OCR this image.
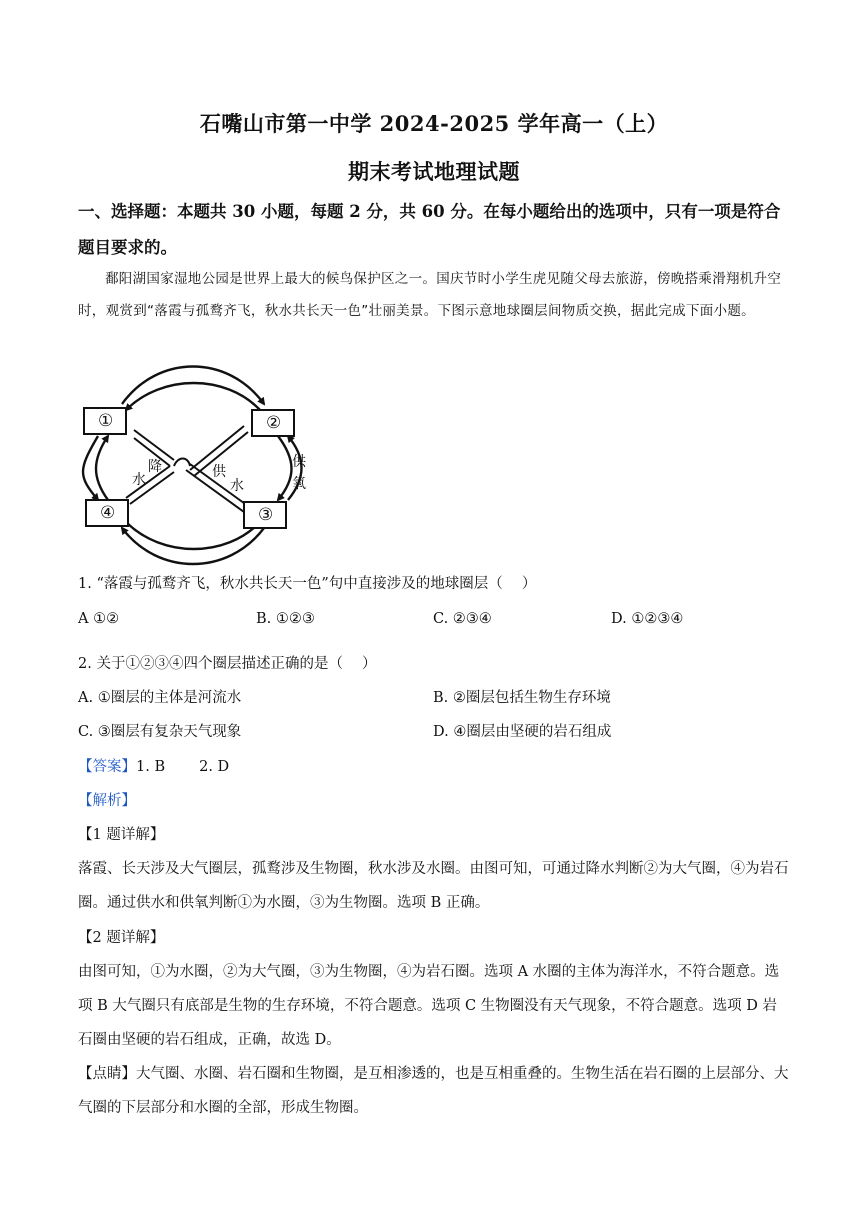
石嘴山市第一中学 2024-2025 学年高一（上）
期末考试地理试题
一、选择题：本题共 30 小题，每题 2 分，共 60 分。在每小题给出的选项中，只有一项是符合题目要求的。
鄱阳湖国家湿地公园是世界上最大的候鸟保护区之一。国庆节时小学生虎见随父母去旅游，傍晚搭乘滑翔机升空时，观赏到“落霞与孤鹜齐飞，秋水共长天一色”壮丽美景。下图示意地球圈层间物质交换，据此完成下面小题。
①	②
③
④
降
水	供
水
供
氧
1. “落霞与孤鹜齐飞，秋水共长天一色”句中直接涉及的地球圈层（　 ）
A ①②	B. ①②③	C. ②③④	D. ①②③④
2. 关于①②③④四个圈层描述正确的是（　 ）
A. ①圈层的主体是河流水	B. ②圈层包括生物生存环境
C. ③圈层有复杂天气现象	D. ④圈层由坚硬的岩石组成
【答案】1. B 2. D
【解析】
【1 题详解】
落霞、长天涉及大气圈层，孤鹜涉及生物圈，秋水涉及水圈。由图可知，可通过降水判断②为大气圈，④为岩石圈。通过供水和供氧判断①为水圈，③为生物圈。选项 B 正确。
【2 题详解】
由图可知，①为水圈，②为大气圈，③为生物圈，④为岩石圈。选项 A 水圈的主体为海洋水，不符合题意。选项 B 大气圈只有底部是生物的生存环境，不符合题意。选项 C 生物圈没有天气现象，不符合题意。选项 D 岩石圈由坚硬的岩石组成，正确，故选 D。
【点睛】大气圈、水圈、岩石圈和生物圈，是互相渗透的，也是互相重叠的。生物生活在岩石圈的上层部分、大气圈的下层部分和水圈的全部，形成生物圈。
